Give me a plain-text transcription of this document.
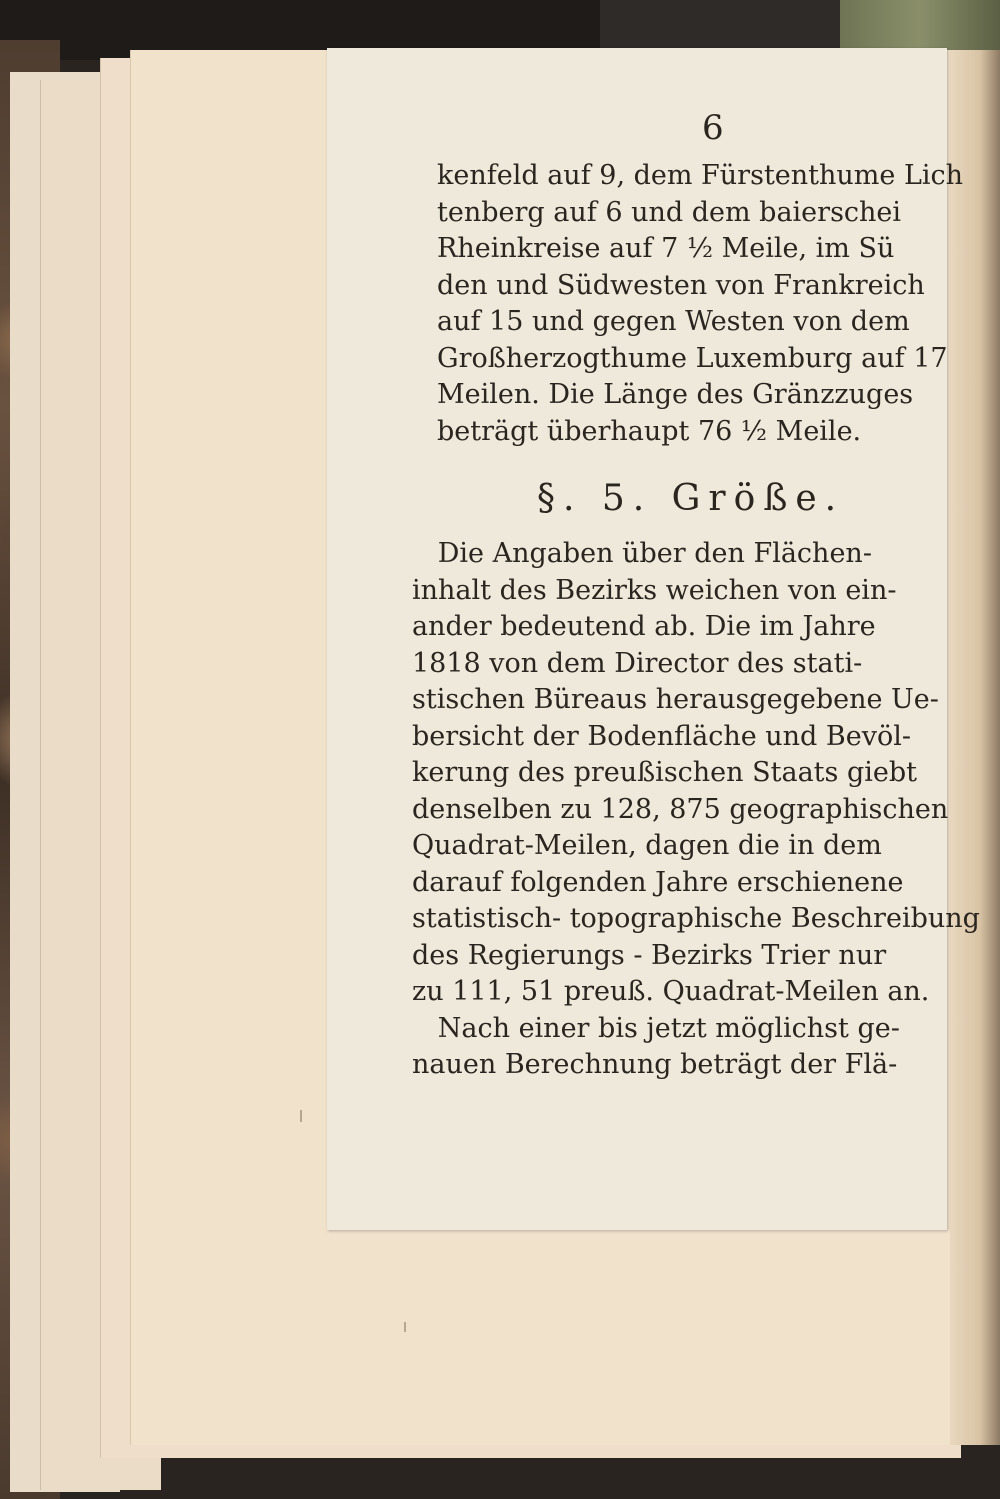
6

kenfeld auf 9, dem Fürstenthume Lich
tenberg auf 6 und dem baierschei
Rheinkreise auf 7 ½ Meile, im Sü
den und Südwesten von Frankreich
auf 15 und gegen Westen von dem
Großherzogthume Luxemburg auf 17
Meilen. Die Länge des Gränzzuges
beträgt überhaupt 76 ½ Meile.

§. 5. Größe.

Die Angaben über den Flächen-
inhalt des Bezirks weichen von ein-
ander bedeutend ab. Die im Jahre
1818 von dem Director des stati-
stischen Büreaus herausgegebene Ue-
bersicht der Bodenfläche und Bevöl-
kerung des preußischen Staats giebt
denselben zu 128, 875 geographischen
Quadrat-Meilen, dagen die in dem
darauf folgenden Jahre erschienene
statistisch- topographische Beschreibung
des Regierungs - Bezirks Trier nur
zu 111, 51 preuß. Quadrat-Meilen an.
Nach einer bis jetzt möglichst ge-
nauen Berechnung beträgt der Flä-
